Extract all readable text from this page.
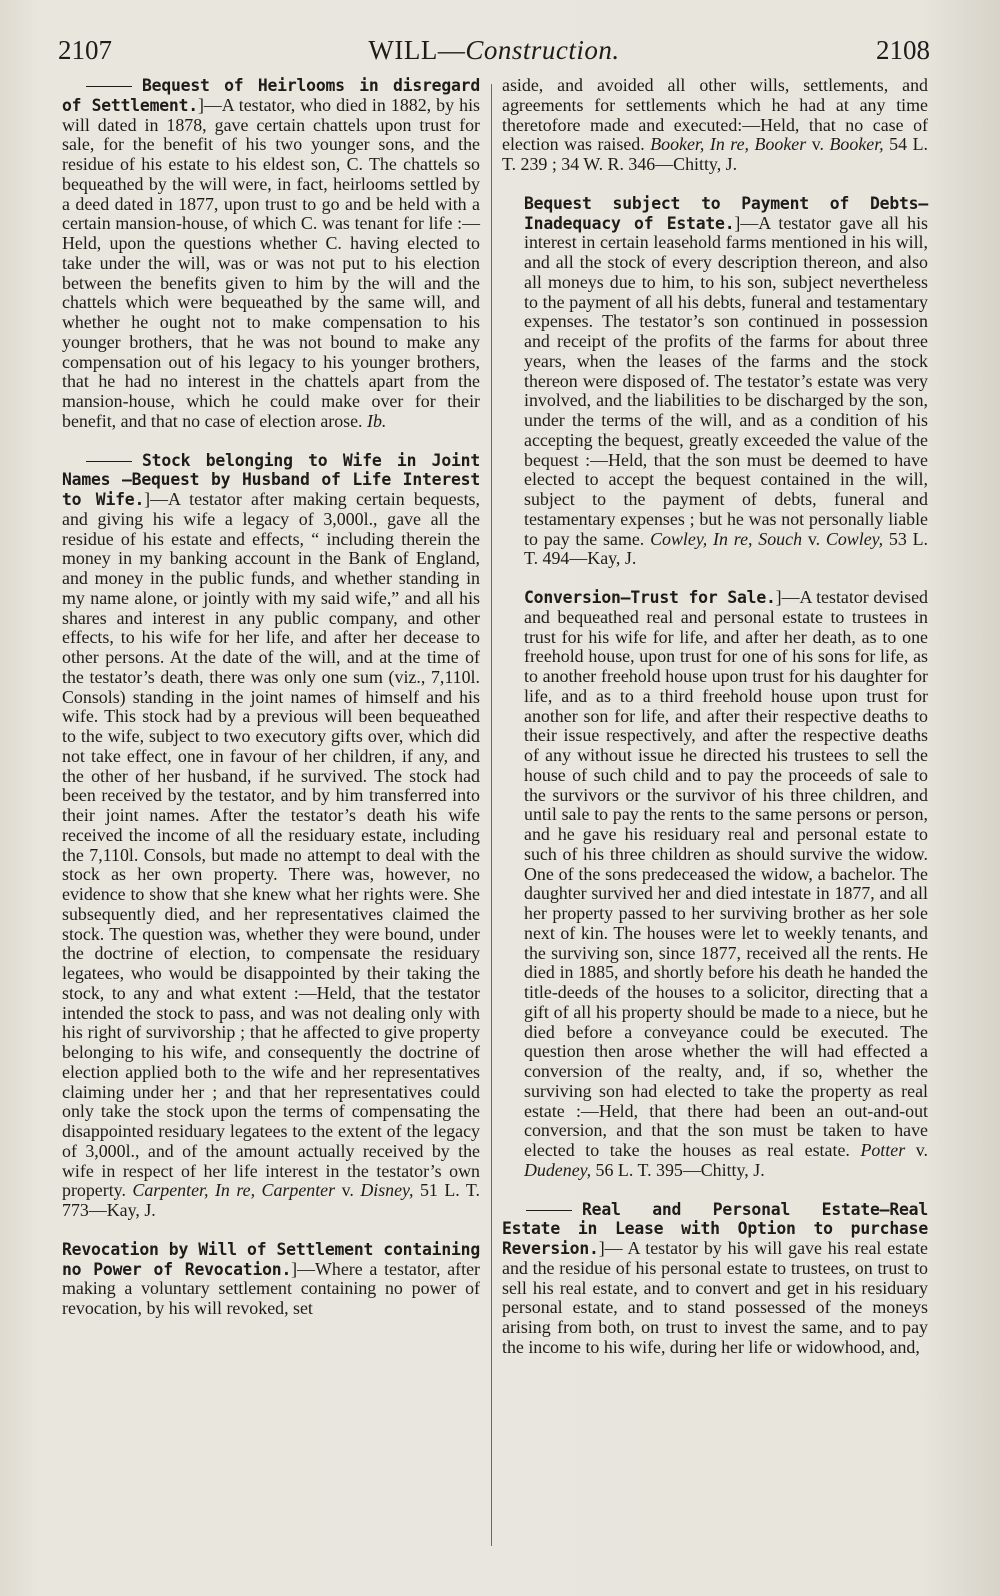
WILL—Construction.
2107	2108

Bequest of Heirlooms in disregard of Settlement.]—A testator, who died in 1882, by his will dated in 1878, gave certain chattels upon trust for sale, for the benefit of his two younger sons, and the residue of his estate to his eldest son, C. The chattels so bequeathed by the will were, in fact, heirlooms settled by a deed dated in 1877, upon trust to go and be held with a certain mansion-house, of which C. was tenant for life :—Held, upon the questions whether C. having elected to take under the will, was or was not put to his election between the benefits given to him by the will and the chattels which were bequeathed by the same will, and whether he ought not to make compensation to his younger brothers, that he was not bound to make any compensation out of his legacy to his younger brothers, that he had no interest in the chattels apart from the mansion-house, which he could make over for their benefit, and that no case of election arose. Ib.

Stock belonging to Wife in Joint Names —Bequest by Husband of Life Interest to Wife.]—A testator after making certain bequests, and giving his wife a legacy of 3,000l., gave all the residue of his estate and effects, “ including therein the money in my banking account in the Bank of England, and money in the public funds, and whether standing in my name alone, or jointly with my said wife,” and all his shares and interest in any public company, and other effects, to his wife for her life, and after her decease to other persons. At the date of the will, and at the time of the testator’s death, there was only one sum (viz., 7,110l. Consols) standing in the joint names of himself and his wife. This stock had by a previous will been bequeathed to the wife, subject to two executory gifts over, which did not take effect, one in favour of her children, if any, and the other of her husband, if he survived. The stock had been received by the testator, and by him transferred into their joint names. After the testator’s death his wife received the income of all the residuary estate, including the 7,110l. Consols, but made no attempt to deal with the stock as her own property. There was, however, no evidence to show that she knew what her rights were. She subsequently died, and her representatives claimed the stock. The question was, whether they were bound, under the doctrine of election, to compensate the residuary legatees, who would be disappointed by their taking the stock, to any and what extent :—Held, that the testator intended the stock to pass, and was not dealing only with his right of survivorship ; that he affected to give property belonging to his wife, and consequently the doctrine of election applied both to the wife and her representatives claiming under her ; and that her representatives could only take the stock upon the terms of compensating the disappointed residuary legatees to the extent of the legacy of 3,000l., and of the amount actually received by the wife in respect of her life interest in the testator’s own property. Carpenter, In re, Carpenter v. Disney, 51 L. T. 773—Kay, J.

Revocation by Will of Settlement containing no Power of Revocation.]—Where a testator, after making a voluntary settlement containing no power of revocation, by his will revoked, set

aside, and avoided all other wills, settlements, and agreements for settlements which he had at any time theretofore made and executed:—Held, that no case of election was raised. Booker, In re, Booker v. Booker, 54 L. T. 239 ; 34 W. R. 346—Chitty, J.

Bequest subject to Payment of Debts—Inadequacy of Estate.]—A testator gave all his interest in certain leasehold farms mentioned in his will, and all the stock of every description thereon, and also all moneys due to him, to his son, subject nevertheless to the payment of all his debts, funeral and testamentary expenses. The testator’s son continued in possession and receipt of the profits of the farms for about three years, when the leases of the farms and the stock thereon were disposed of. The testator’s estate was very involved, and the liabilities to be discharged by the son, under the terms of the will, and as a condition of his accepting the bequest, greatly exceeded the value of the bequest :—Held, that the son must be deemed to have elected to accept the bequest contained in the will, subject to the payment of debts, funeral and testamentary expenses ; but he was not personally liable to pay the same. Cowley, In re, Souch v. Cowley, 53 L. T. 494—Kay, J.

Conversion—Trust for Sale.]—A testator devised and bequeathed real and personal estate to trustees in trust for his wife for life, and after her death, as to one freehold house, upon trust for one of his sons for life, as to another freehold house upon trust for his daughter for life, and as to a third freehold house upon trust for another son for life, and after their respective deaths to their issue respectively, and after the respective deaths of any without issue he directed his trustees to sell the house of such child and to pay the proceeds of sale to the survivors or the survivor of his three children, and until sale to pay the rents to the same persons or person, and he gave his residuary real and personal estate to such of his three children as should survive the widow. One of the sons predeceased the widow, a bachelor. The daughter survived her and died intestate in 1877, and all her property passed to her surviving brother as her sole next of kin. The houses were let to weekly tenants, and the surviving son, since 1877, received all the rents. He died in 1885, and shortly before his death he handed the title-deeds of the houses to a solicitor, directing that a gift of all his property should be made to a niece, but he died before a conveyance could be executed. The question then arose whether the will had effected a conversion of the realty, and, if so, whether the surviving son had elected to take the property as real estate :—Held, that there had been an out-and-out conversion, and that the son must be taken to have elected to take the houses as real estate. Potter v. Dudeney, 56 L. T. 395—Chitty, J.

Real and Personal Estate—Real Estate in Lease with Option to purchase Reversion.]— A testator by his will gave his real estate and the residue of his personal estate to trustees, on trust to sell his real estate, and to convert and get in his residuary personal estate, and to stand possessed of the moneys arising from both, on trust to invest the same, and to pay the income to his wife, during her life or widowhood, and,
